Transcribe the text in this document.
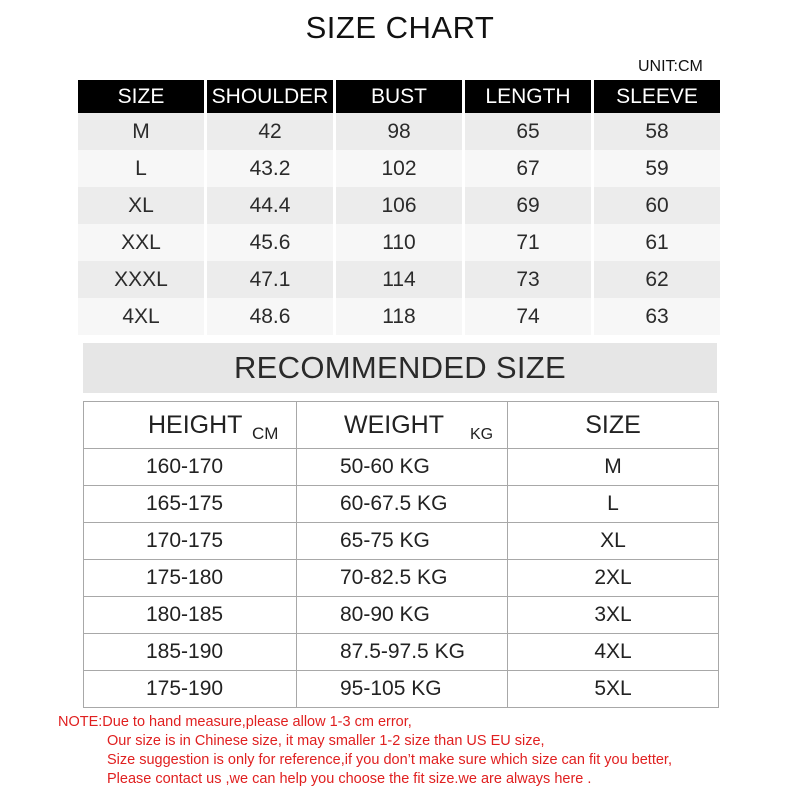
SIZE CHART
UNIT:CM
SIZE	SHOULDER	BUST	LENGTH	SLEEVE
M	42	98	65	58
L	43.2	102	67	59
XL	44.4	106	69	60
XXL	45.6	110	71	61
XXXL	47.1	114	73	62
4XL	48.6	118	74	63
RECOMMENDED SIZE
HEIGHT CM	WEIGHT KG	SIZE
160-170	50-60 KG	M
165-175	60-67.5 KG	L
170-175	65-75 KG	XL
175-180	70-82.5 KG	2XL
180-185	80-90 KG	3XL
185-190	87.5-97.5 KG	4XL
175-190	95-105 KG	5XL
NOTE:Due to hand measure,please allow 1-3 cm error,
Our size is in Chinese size, it may smaller 1-2 size than US EU size,
Size suggestion is only for reference,if you don’t make sure which size can fit you better,
Please contact us ,we can help you choose the fit size.we are always here .
